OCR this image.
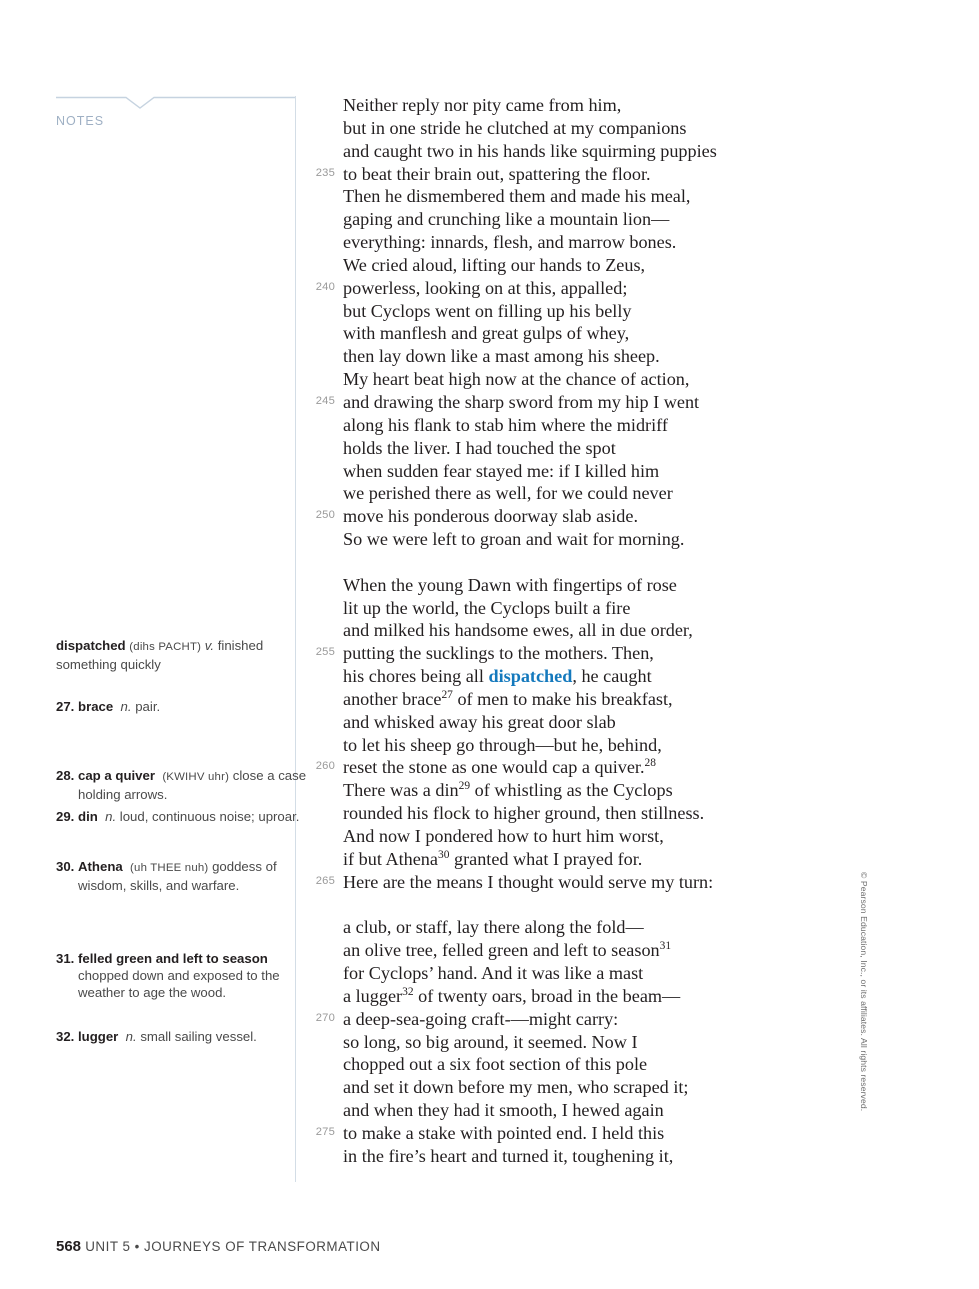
NOTES
dispatched (dihs PACHT) v. finished something quickly
27. brace n. pair.
28. cap a quiver (KWIHV uhr) close a case holding arrows.
29. din n. loud, continuous noise; uproar.
30. Athena (uh THEE nuh) goddess of wisdom, skills, and warfare.
31. felled green and left to season  chopped down and exposed to the weather to age the wood.
32. lugger n. small sailing vessel.
Neither reply nor pity came from him,
but in one stride he clutched at my companions
and caught two in his hands like squirming puppies
235 to beat their brain out, spattering the floor.
Then he dismembered them and made his meal,
gaping and crunching like a mountain lion—
everything: innards, flesh, and marrow bones.
We cried aloud, lifting our hands to Zeus,
240 powerless, looking on at this, appalled;
but Cyclops went on filling up his belly
with manflesh and great gulps of whey,
then lay down like a mast among his sheep.
My heart beat high now at the chance of action,
245 and drawing the sharp sword from my hip I went
along his flank to stab him where the midriff
holds the liver. I had touched the spot
when sudden fear stayed me: if I killed him
we perished there as well, for we could never
250 move his ponderous doorway slab aside.
So we were left to groan and wait for morning.
When the young Dawn with fingertips of rose
lit up the world, the Cyclops built a fire
and milked his handsome ewes, all in due order,
255 putting the sucklings to the mothers. Then,
his chores being all dispatched, he caught
another brace$^{27}$ of men to make his breakfast,
and whisked away his great door slab
to let his sheep go through—but he, behind,
260 reset the stone as one would cap a quiver.$^{28}$
There was a din$^{29}$ of whistling as the Cyclops
rounded his flock to higher ground, then stillness.
And now I pondered how to hurt him worst,
if but Athena$^{30}$ granted what I prayed for.
265 Here are the means I thought would serve my turn:
a club, or staff, lay there along the fold—
an olive tree, felled green and left to season$^{31}$
for Cyclops’ hand. And it was like a mast
a lugger$^{32}$ of twenty oars, broad in the beam—
270 a deep-sea-going craft-—might carry:
so long, so big around, it seemed. Now I
chopped out a six foot section of this pole
and set it down before my men, who scraped it;
and when they had it smooth, I hewed again
275 to make a stake with pointed end. I held this
in the fire’s heart and turned it, toughening it,
568 UNIT 5 • JOURNEYS OF TRANSFORMATION
© Pearson Education, Inc., or its affiliates. All rights reserved.
